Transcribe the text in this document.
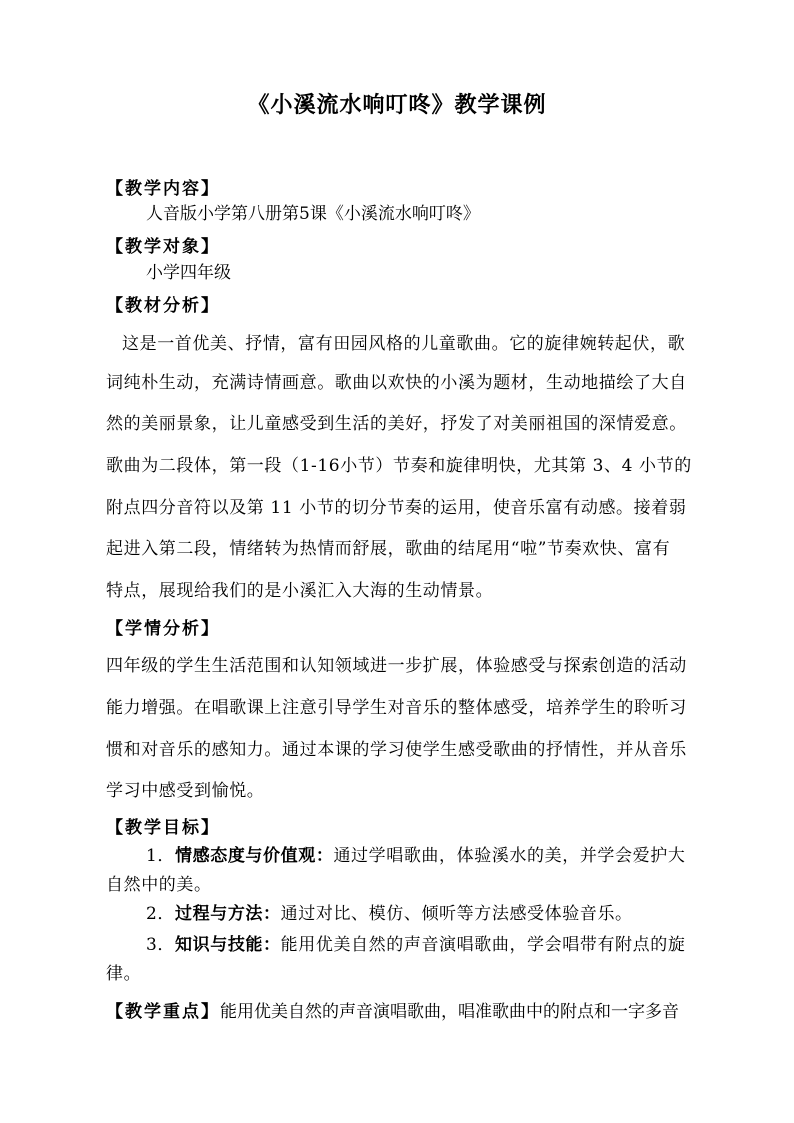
《小溪流水响叮咚》教学课例
【教学内容】
人音版小学第八册第5课《小溪流水响叮咚》
【教学对象】
小学四年级
【教材分析】
这是一首优美、抒情，富有田园风格的儿童歌曲。它的旋律婉转起伏，歌
词纯朴生动，充满诗情画意。歌曲以欢快的小溪为题材，生动地描绘了大自
然的美丽景象，让儿童感受到生活的美好，抒发了对美丽祖国的深情爱意。
歌曲为二段体，第一段（1-16小节）节奏和旋律明快，尤其第 3、4 小节的
附点四分音符以及第 11 小节的切分节奏的运用，使音乐富有动感。接着弱
起进入第二段，情绪转为热情而舒展，歌曲的结尾用“啦”节奏欢快、富有
特点，展现给我们的是小溪汇入大海的生动情景。
【学情分析】
四年级的学生生活范围和认知领域进一步扩展，体验感受与探索创造的活动
能力增强。在唱歌课上注意引导学生对音乐的整体感受，培养学生的聆听习
惯和对音乐的感知力。通过本课的学习使学生感受歌曲的抒情性，并从音乐
学习中感受到愉悦。
【教学目标】
1．情感态度与价值观：通过学唱歌曲，体验溪水的美，并学会爱护大
自然中的美。
2．过程与方法：通过对比、模仿、倾听等方法感受体验音乐。
3．知识与技能：能用优美自然的声音演唱歌曲，学会唱带有附点的旋
律。
【教学重点】能用优美自然的声音演唱歌曲，唱准歌曲中的附点和一字多音
